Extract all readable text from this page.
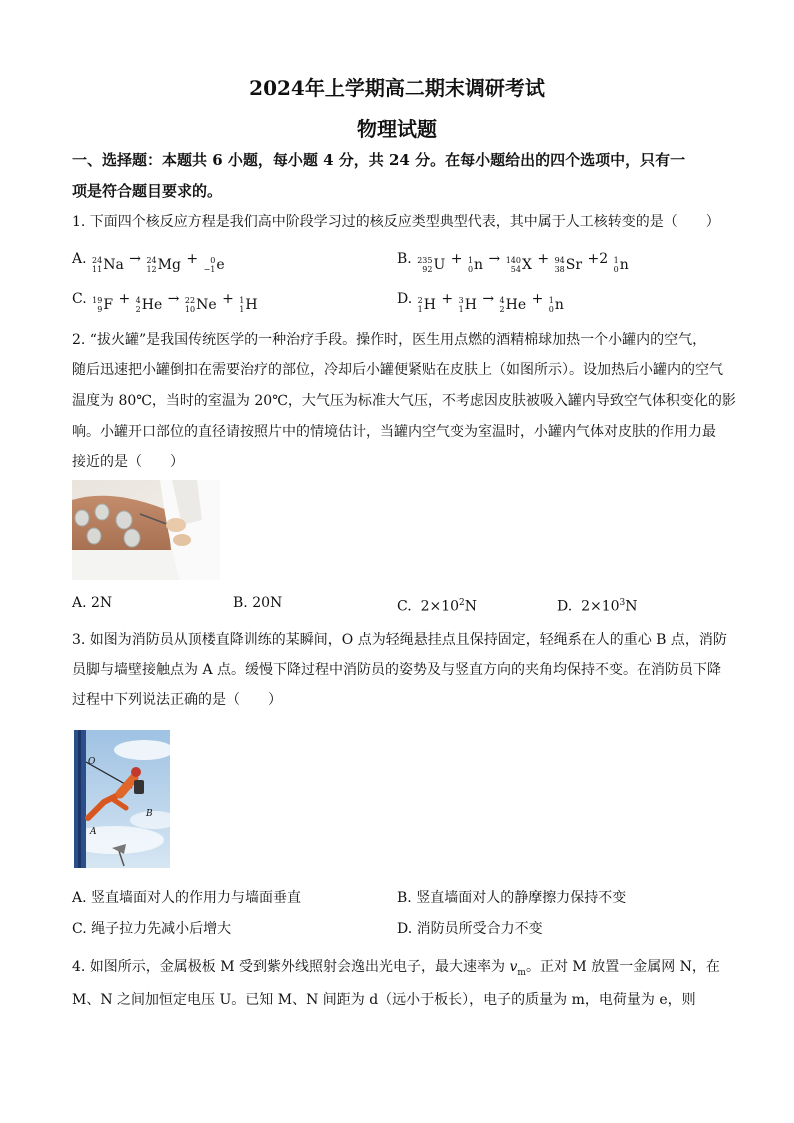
2024年上学期高二期末调研考试
物理试题
一、选择题：本题共 6 小题，每小题 4 分，共 24 分。在每小题给出的四个选项中，只有一
项是符合题目要求的。
1. 下面四个核反应方程是我们高中阶段学习过的核反应类型典型代表，其中属于人工核转变的是（　　）
A. 24
11 Na → 24
12 Mg +	0
−1 e	B. 235
92 U + 1
0 n → 140
54 X + 94
38 Sr +2 1
0 n
C. 19
9 F + 4
2 He → 22
10 Ne + 1
1 H	D. 2
1 H + 3
1 H → 4
2 He + 1
0 n
2. “拔火罐”是我国传统医学的一种治疗手段。操作时，医生用点燃的酒精棉球加热一个小罐内的空气，
随后迅速把小罐倒扣在需要治疗的部位，冷却后小罐便紧贴在皮肤上（如图所示）。设加热后小罐内的空气
温度为 80℃，当时的室温为 20℃，大气压为标准大气压，不考虑因皮肤被吸入罐内导致空气体积变化的影
响。小罐开口部位的直径请按照片中的情境估计，当罐内空气变为室温时，小罐内气体对皮肤的作用力最
接近的是（　　）
A. 2N	B. 20N	C. $2\times 10^2N$	D. $2\times 10^3N$
3. 如图为消防员从顶楼直降训练的某瞬间，O 点为轻绳悬挂点且保持固定，轻绳系在人的重心 B 点，消防
员脚与墙壁接触点为 A 点。缓慢下降过程中消防员的姿势及与竖直方向的夹角均保持不变。在消防员下降
过程中下列说法正确的是（　　）
O
A
B
A. 竖直墙面对人的作用力与墙面垂直	B. 竖直墙面对人的静摩擦力保持不变
C. 绳子拉力先减小后增大	D. 消防员所受合力不变
4. 如图所示，金属极板 M 受到紫外线照射会逸出光电子，最大速率为 $v_m$。正对 M 放置一金属网 N，在
M、N 之间加恒定电压 U。已知 M、N 间距为 d（远小于板长），电子的质量为 m，电荷量为 e，则
